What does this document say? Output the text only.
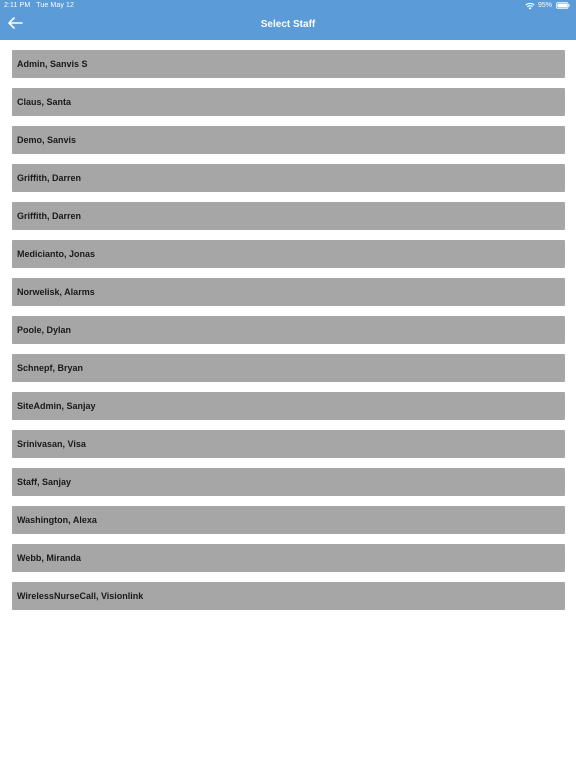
2:11 PM Tue May 12	95%
Select Staff
Admin, Sanvis S
Claus, Santa
Demo, Sanvis
Griffith, Darren
Griffith, Darren
Medicianto, Jonas
Norwelisk, Alarms
Poole, Dylan
Schnepf, Bryan
SiteAdmin, Sanjay
Srinivasan, Visa
Staff, Sanjay
Washington, Alexa
Webb, Miranda
WirelessNurseCall, Visionlink
